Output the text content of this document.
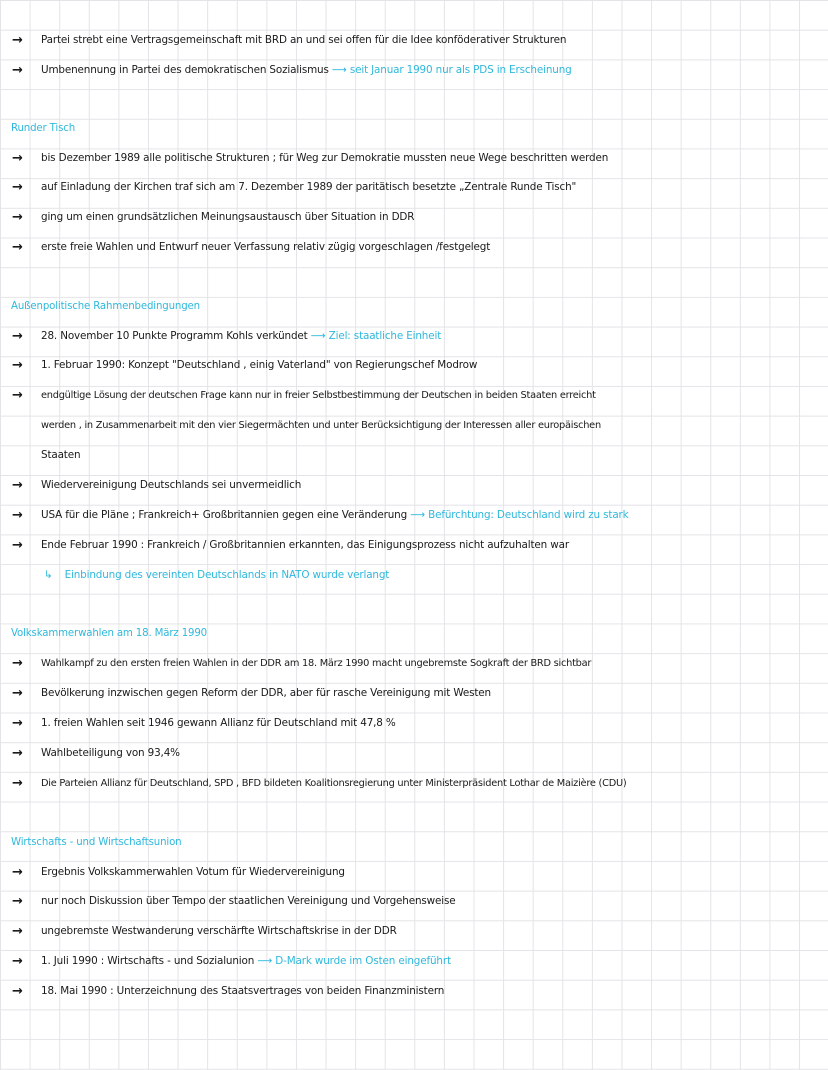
→ Partei strebt eine Vertragsgemeinschaft mit BRD an und sei offen für die Idee konföderativer Strukturen
→ Umbenennung in Partei des demokratischen Sozialismus ⟶ seit Januar 1990 nur als PDS in Erscheinung
Runder Tisch
→ bis Dezember 1989 alle politische Strukturen ; für Weg zur Demokratie mussten neue Wege beschritten werden
→ auf Einladung der Kirchen traf sich am 7. Dezember 1989 der paritätisch besetzte „Zentrale Runde Tisch"
→ ging um einen grundsätzlichen Meinungsaustausch über Situation in DDR
→ erste freie Wahlen und Entwurf neuer Verfassung relativ zügig vorgeschlagen /festgelegt
Außenpolitische Rahmenbedingungen
→ 28. November 10 Punkte Programm Kohls verkündet ⟶ Ziel: staatliche Einheit
→ 1. Februar 1990: Konzept "Deutschland , einig Vaterland" von Regierungschef Modrow
→ endgültige Lösung der deutschen Frage kann nur in freier Selbstbestimmung der Deutschen in beiden Staaten erreicht
werden , in Zusammenarbeit mit den vier Siegermächten und unter Berücksichtigung der Interessen aller europäischen
Staaten
→ Wiedervereinigung Deutschlands sei unvermeidlich
→ USA für die Pläne ; Frankreich+ Großbritannien gegen eine Veränderung ⟶ Befürchtung: Deutschland wird zu stark
→ Ende Februar 1990 : Frankreich / Großbritannien erkannten, das Einigungsprozess nicht aufzuhalten war
↳ Einbindung des vereinten Deutschlands in NATO wurde verlangt
Volkskammerwahlen am 18. März 1990
→ Wahlkampf zu den ersten freien Wahlen in der DDR am 18. März 1990 macht ungebremste Sogkraft der BRD sichtbar
→ Bevölkerung inzwischen gegen Reform der DDR, aber für rasche Vereinigung mit Westen
→ 1. freien Wahlen seit 1946 gewann Allianz für Deutschland mit 47,8 %
→ Wahlbeteiligung von 93,4%
→ Die Parteien Allianz für Deutschland, SPD , BFD bildeten Koalitionsregierung unter Ministerpräsident Lothar de Maizière (CDU)
Wirtschafts - und Wirtschaftsunion
→ Ergebnis Volkskammerwahlen Votum für Wiedervereinigung
→ nur noch Diskussion über Tempo der staatlichen Vereinigung und Vorgehensweise
→ ungebremste Westwanderung verschärfte Wirtschaftskrise in der DDR
→ 1. Juli 1990 : Wirtschafts - und Sozialunion ⟶ D-Mark wurde im Osten eingeführt
→ 18. Mai 1990 : Unterzeichnung des Staatsvertrages von beiden Finanzministern
